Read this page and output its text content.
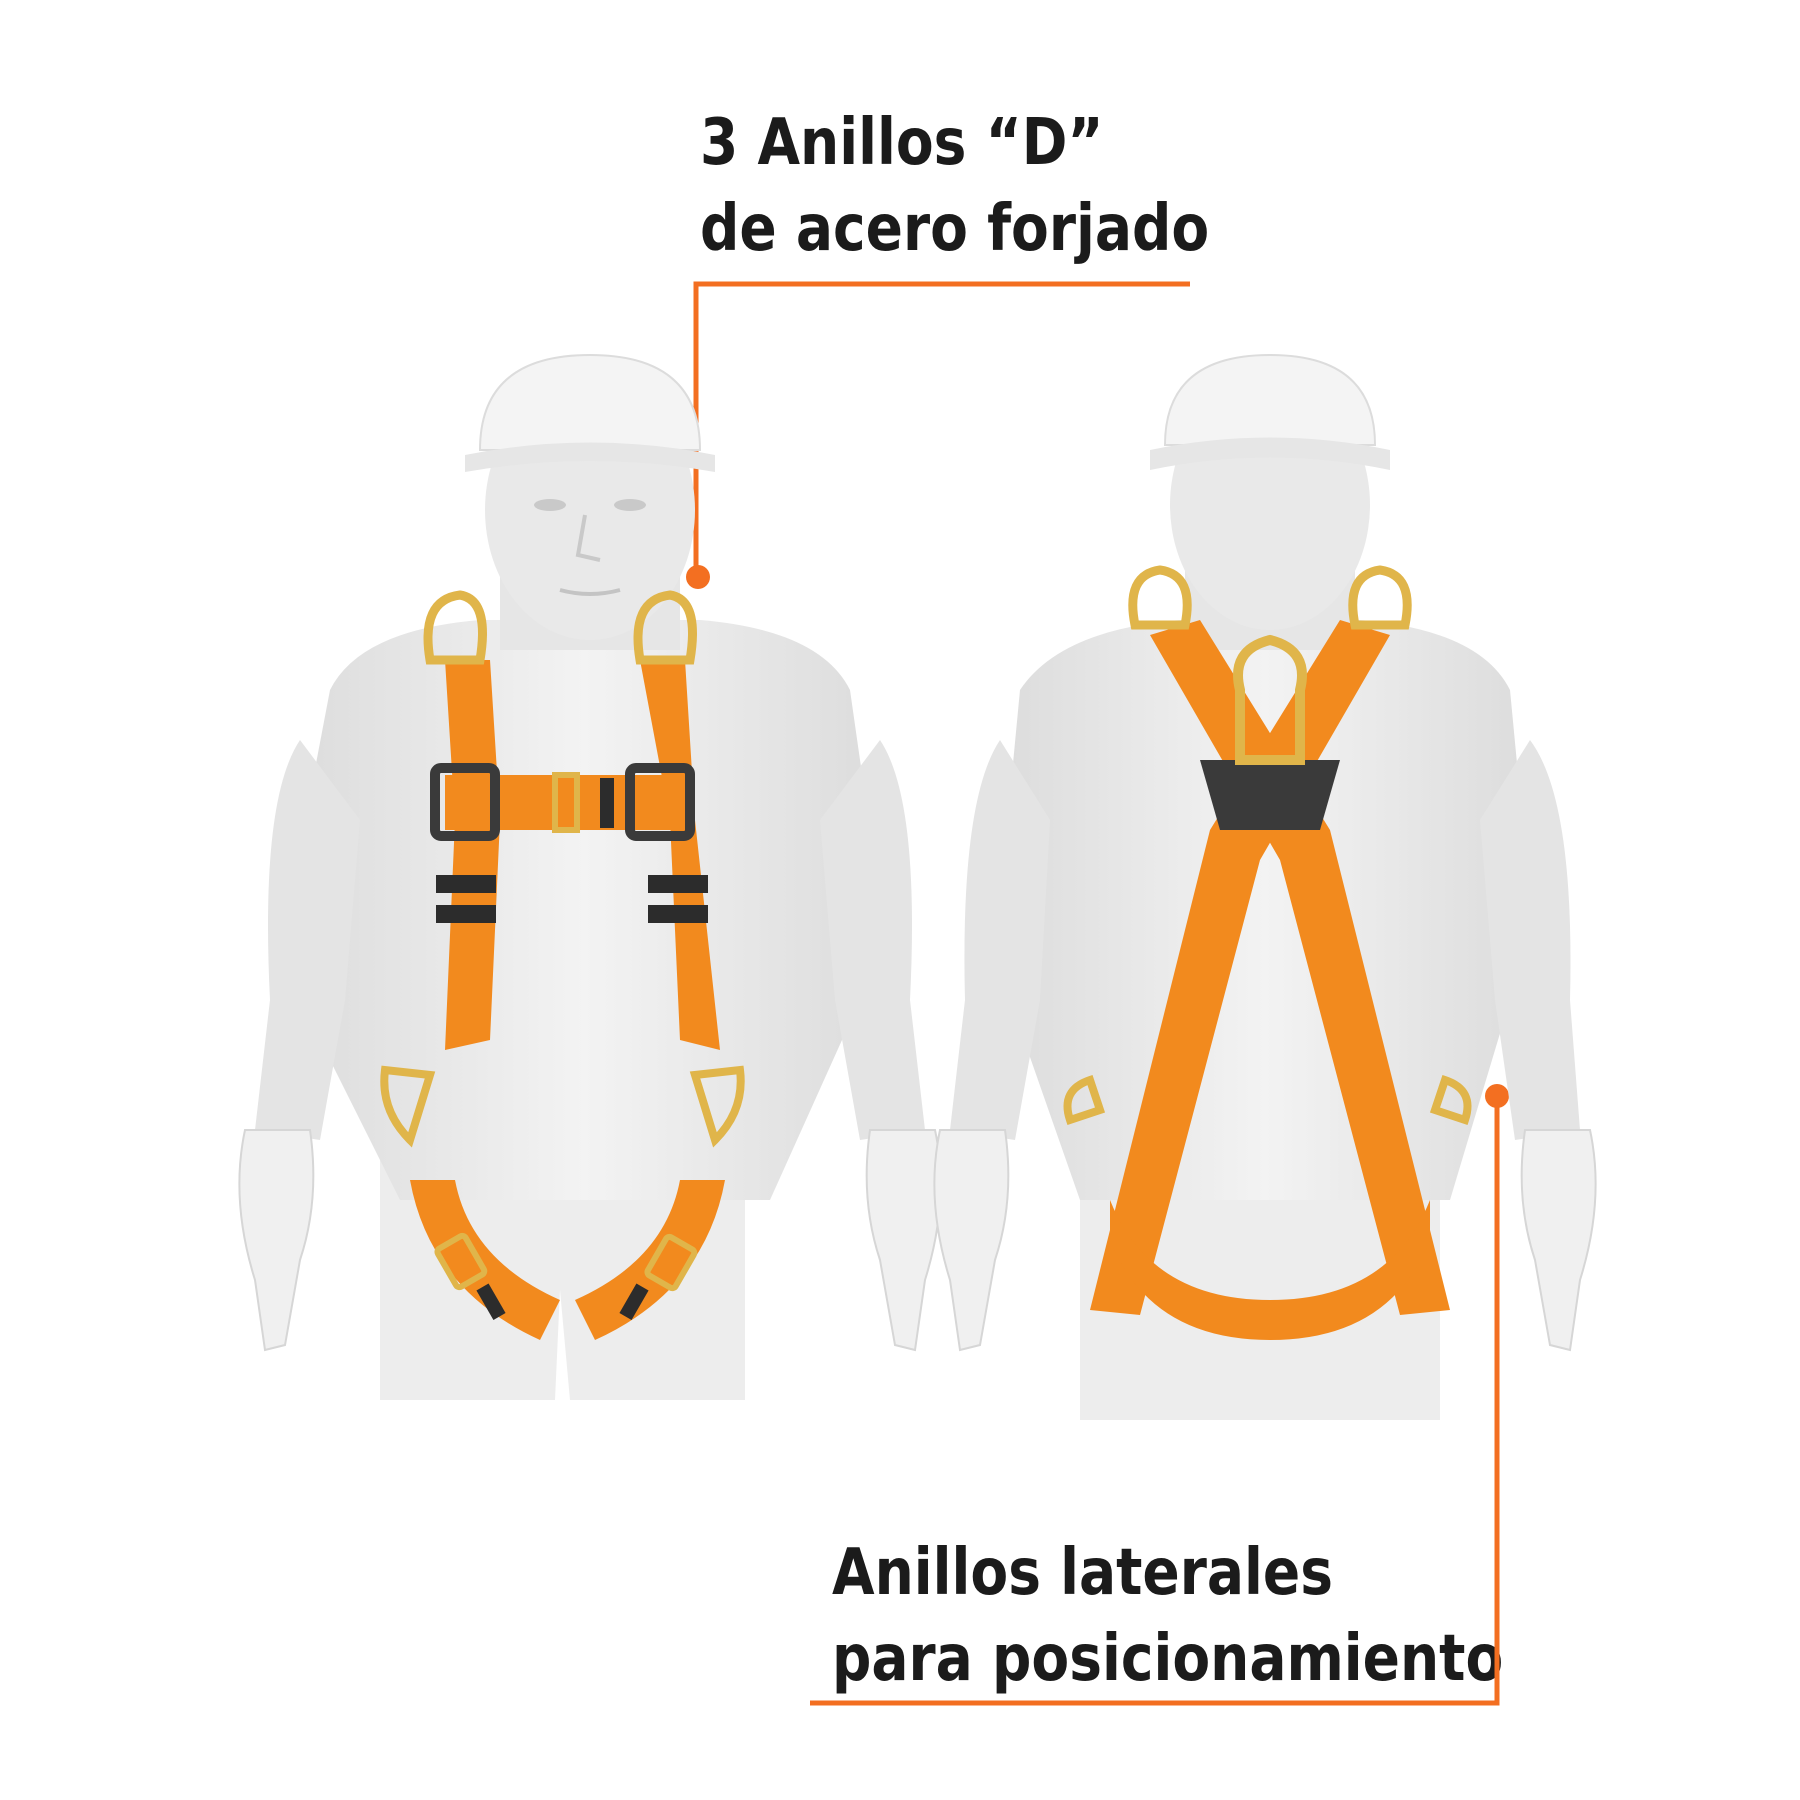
3 Anillos “D”
de acero forjado
Anillos laterales
para posicionamiento
